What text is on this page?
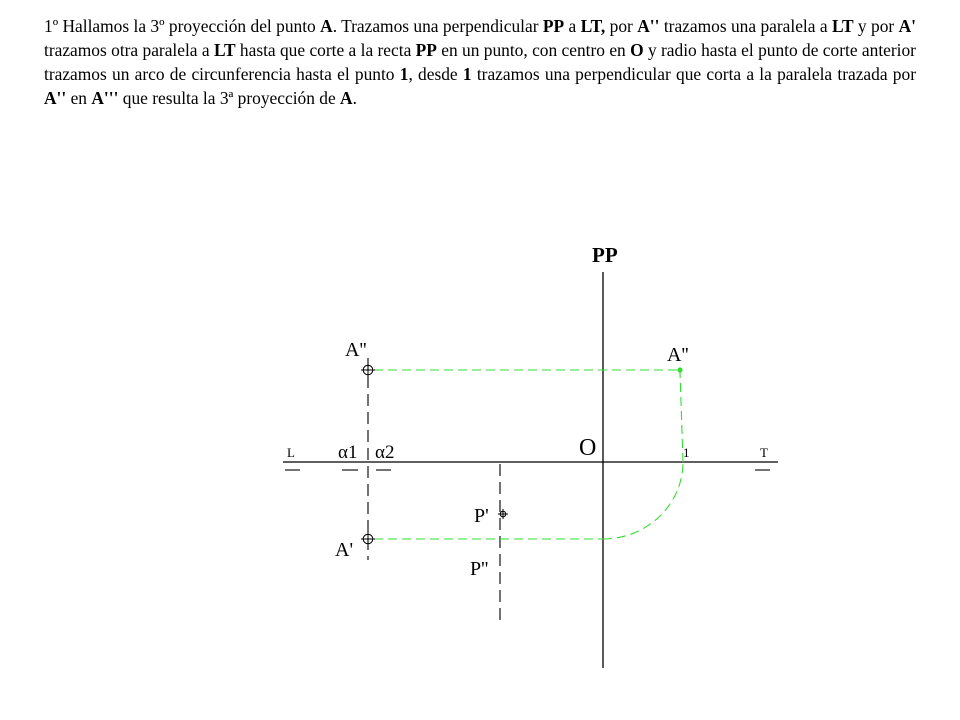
1º Hallamos la 3º proyección del punto A. Trazamos una perpendicular PP a LT, por A'' trazamos una paralela a LT y por A' trazamos otra paralela a LT hasta que corte a la recta PP en un punto, con centro en O y radio hasta el punto de corte anterior trazamos un arco de circunferencia hasta el punto 1, desde 1 trazamos una perpendicular que corta a la paralela trazada por A'' en A''' que resulta la 3ª proyección de A.

PP
A''	A''
O
L	T
1
α1 α2
P'
A'
P''
